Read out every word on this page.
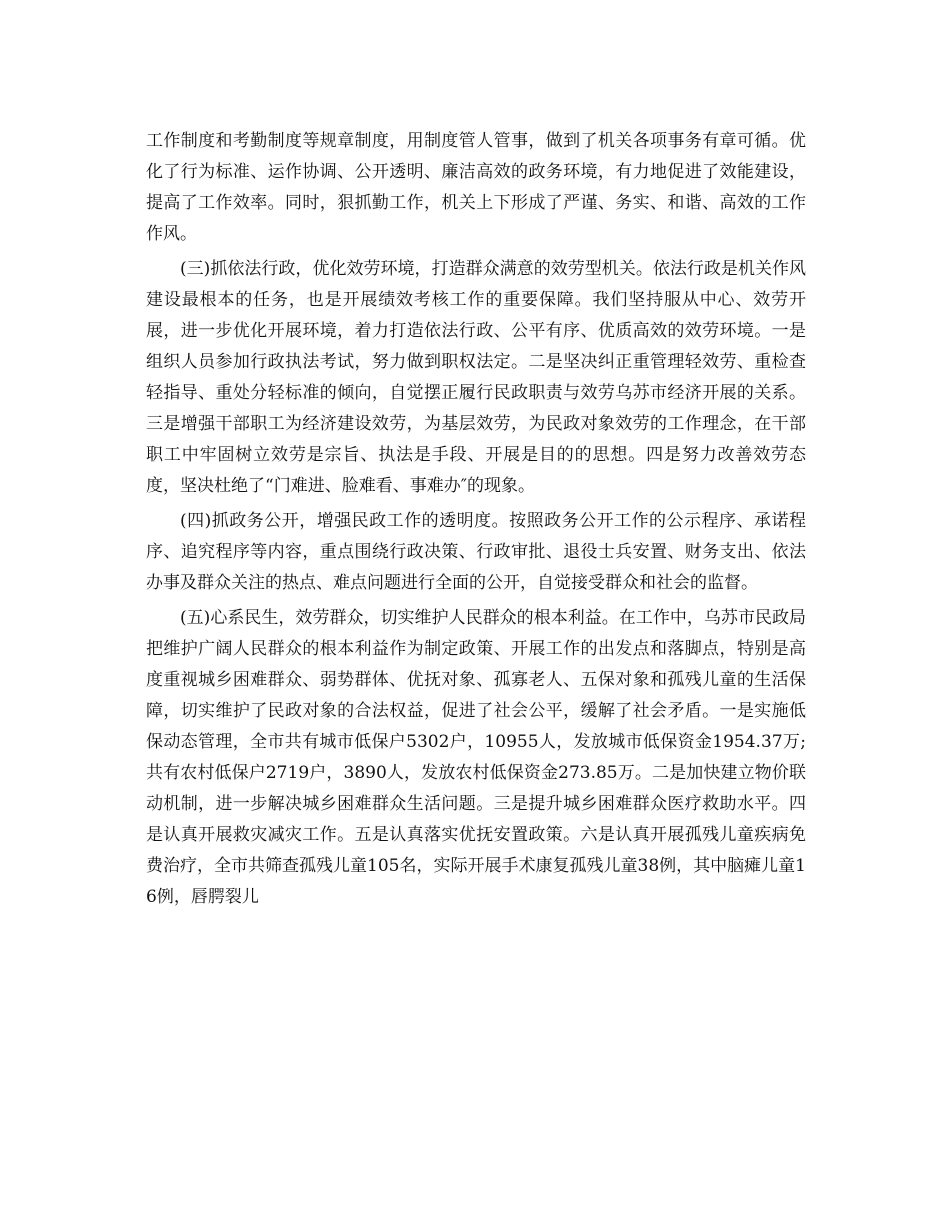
工作制度和考勤制度等规章制度，用制度管人管事，做到了机关各项事务有章可循。优化了行为标准、运作协调、公开透明、廉洁高效的政务环境，有力地促进了效能建设，提高了工作效率。同时，狠抓勤工作，机关上下形成了严谨、务实、和谐、高效的工作作风。

(三)抓依法行政，优化效劳环境，打造群众满意的效劳型机关。依法行政是机关作风建设最根本的任务，也是开展绩效考核工作的重要保障。我们坚持服从中心、效劳开展，进一步优化开展环境，着力打造依法行政、公平有序、优质高效的效劳环境。一是组织人员参加行政执法考试，努力做到职权法定。二是坚决纠正重管理轻效劳、重检查轻指导、重处分轻标准的倾向，自觉摆正履行民政职责与效劳乌苏市经济开展的关系。三是增强干部职工为经济建设效劳，为基层效劳，为民政对象效劳的工作理念，在干部职工中牢固树立效劳是宗旨、执法是手段、开展是目的的思想。四是努力改善效劳态度，坚决杜绝了“门难进、脸难看、事难办″的现象。

(四)抓政务公开，增强民政工作的透明度。按照政务公开工作的公示程序、承诺程序、追究程序等内容，重点围绕行政决策、行政审批、退役士兵安置、财务支出、依法办事及群众关注的热点、难点问题进行全面的公开，自觉接受群众和社会的监督。

(五)心系民生，效劳群众，切实维护人民群众的根本利益。在工作中，乌苏市民政局把维护广阔人民群众的根本利益作为制定政策、开展工作的出发点和落脚点，特别是高度重视城乡困难群众、弱势群体、优抚对象、孤寡老人、五保对象和孤残儿童的生活保障，切实维护了民政对象的合法权益，促进了社会公平，缓解了社会矛盾。一是实施低保动态管理，全市共有城市低保户5302户，10955人，发放城市低保资金1954.37万;共有农村低保户2719户，3890人，发放农村低保资金273.85万。二是加快建立物价联动机制，进一步解决城乡困难群众生活问题。三是提升城乡困难群众医疗救助水平。四是认真开展救灾减灾工作。五是认真落实优抚安置政策。六是认真开展孤残儿童疾病免费治疗，全市共筛查孤残儿童105名，实际开展手术康复孤残儿童38例，其中脑瘫儿童16例，唇腭裂儿
